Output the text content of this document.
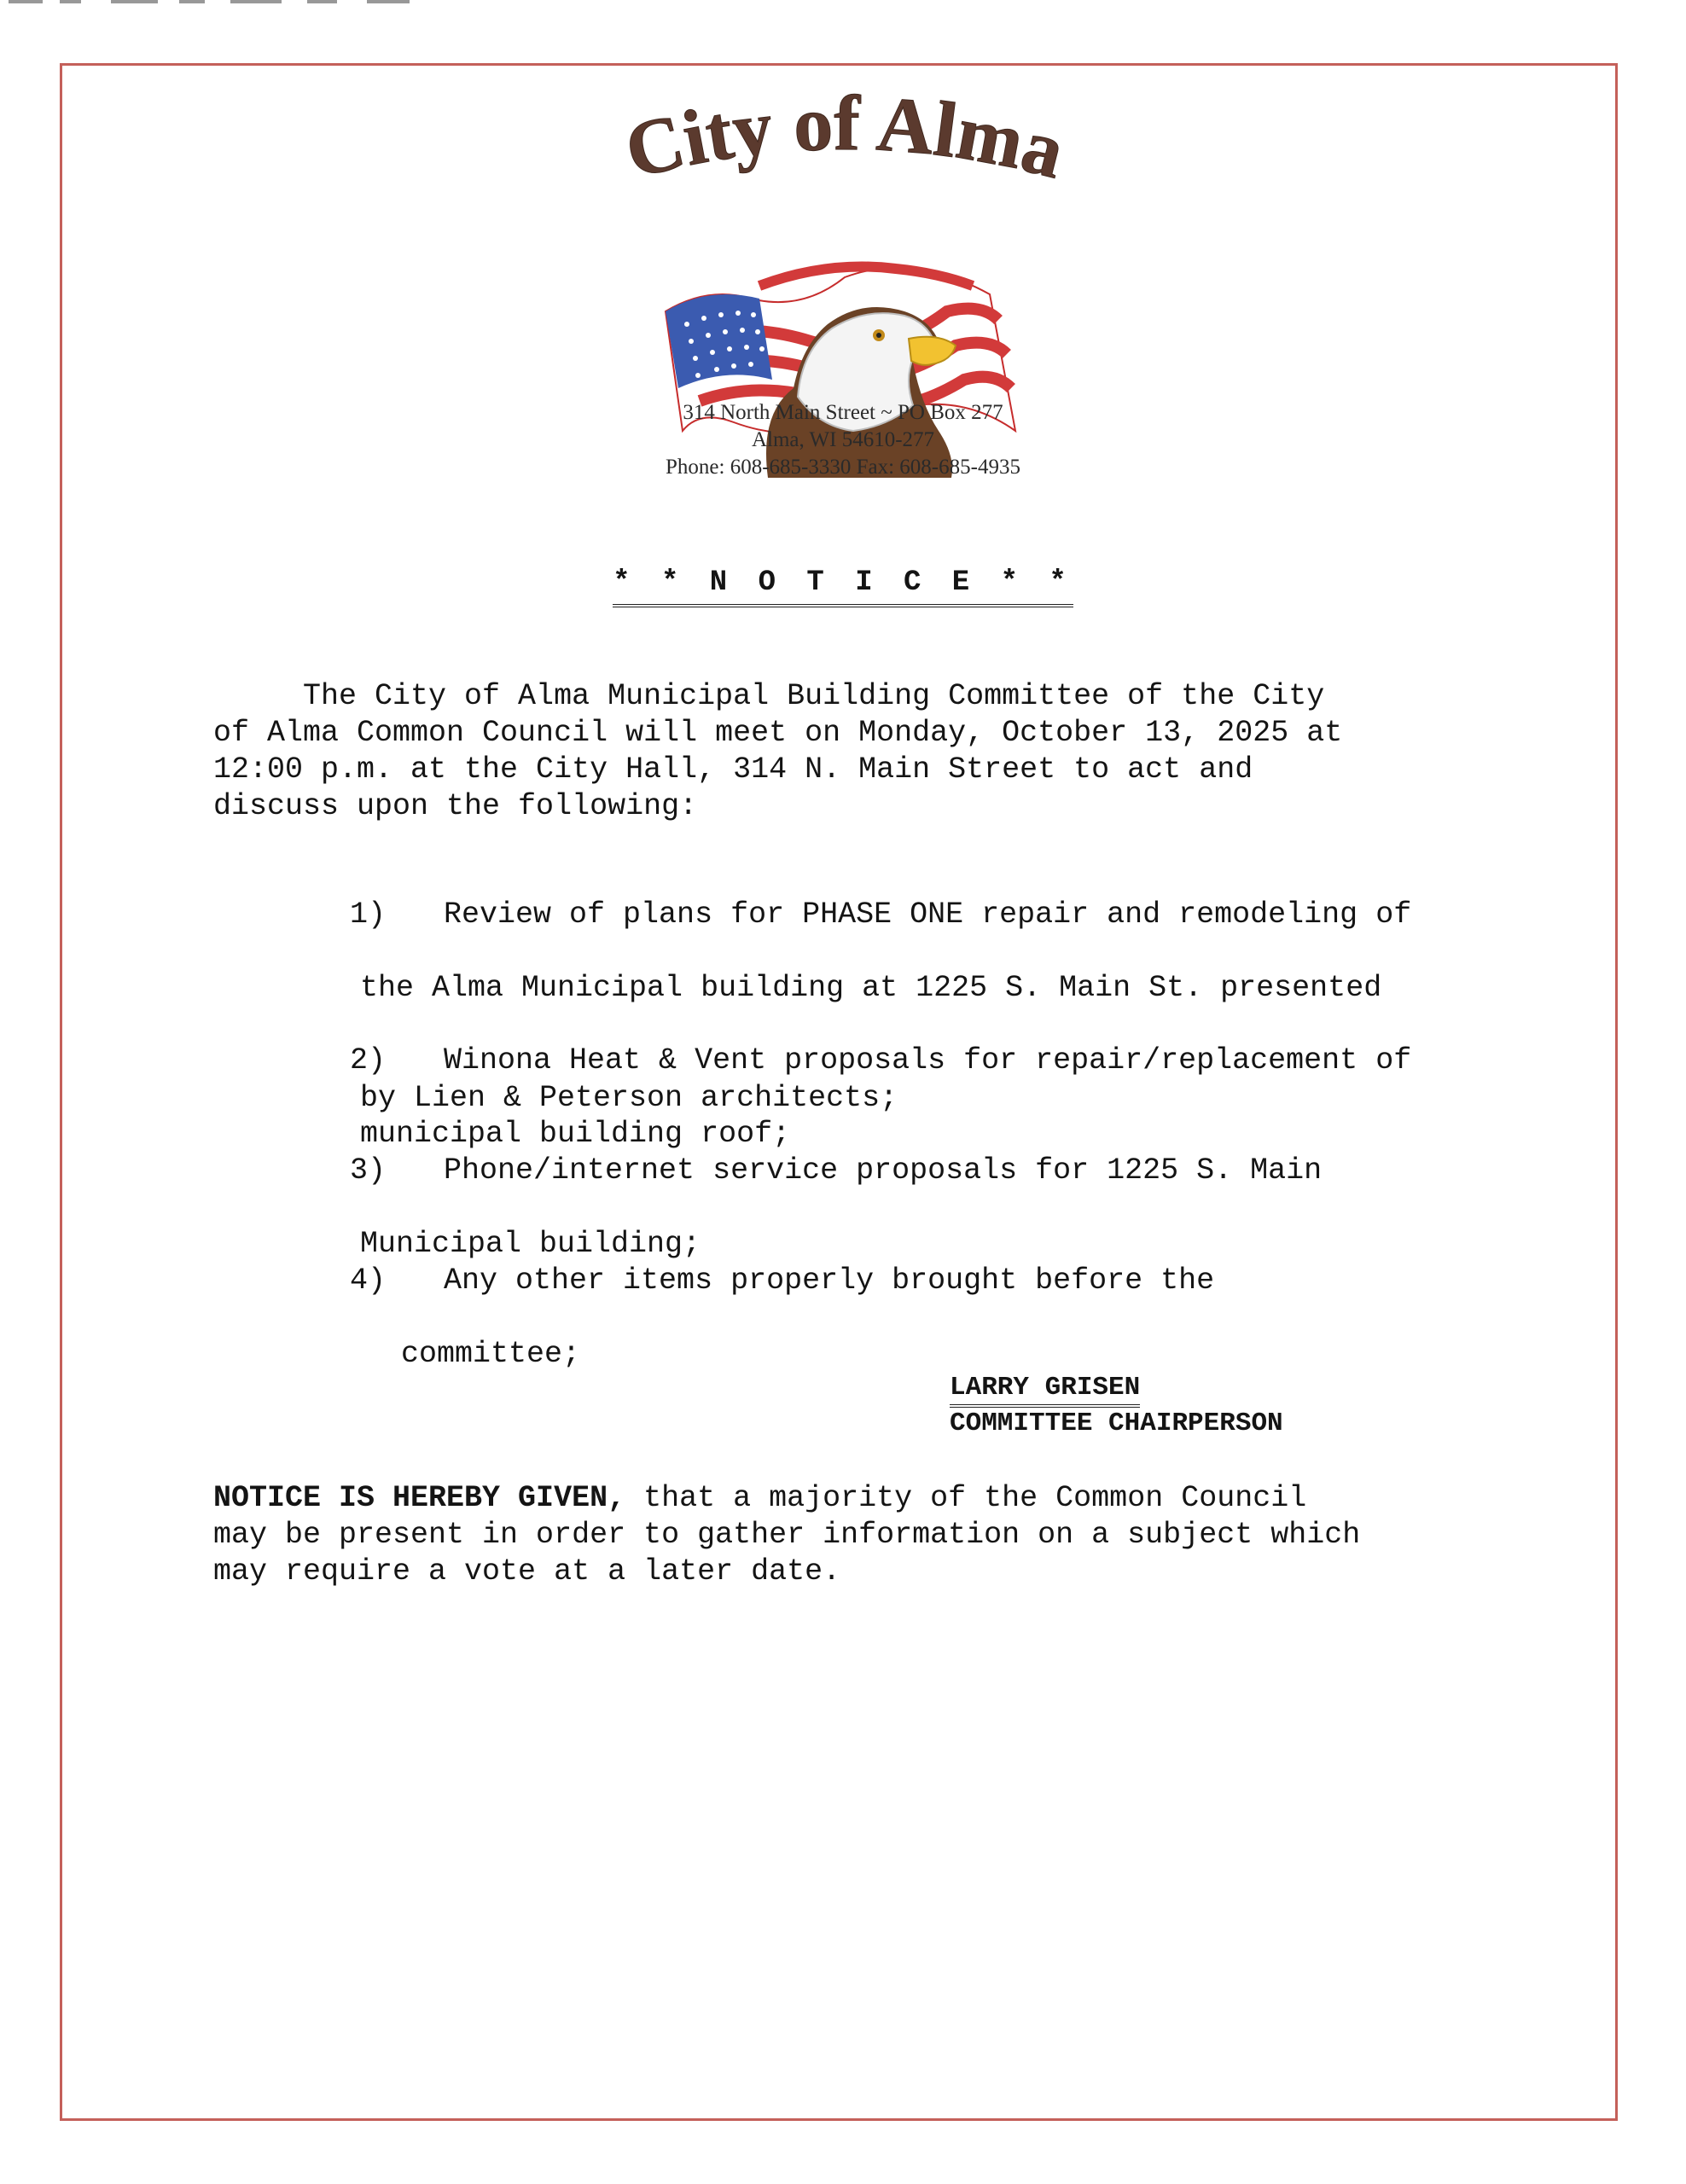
City of Alma
314 North Main Street ~ PO Box 277
Alma, WI 54610-277
Phone: 608-685-3330 Fax: 608-685-4935
* * N O T I C E * *
The City of Alma Municipal Building Committee of the City
of Alma Common Council will meet on Monday, October 13, 2025 at
12:00 p.m. at the City Hall, 314 N. Main Street to act and
discuss upon the following:

1) Review of plans for PHASE ONE repair and remodeling of

the Alma Municipal building at 1225 S. Main St. presented

by Lien & Peterson architects;

2) Winona Heat & Vent proposals for repair/replacement of

municipal building roof;

3) Phone/internet service proposals for 1225 S. Main

Municipal building;

4) Any other items properly brought before the

committee;

LARRY GRISEN
COMMITTEE CHAIRPERSON
NOTICE IS HEREBY GIVEN, that a majority of the Common Council
may be present in order to gather information on a subject which
may require a vote at a later date.
